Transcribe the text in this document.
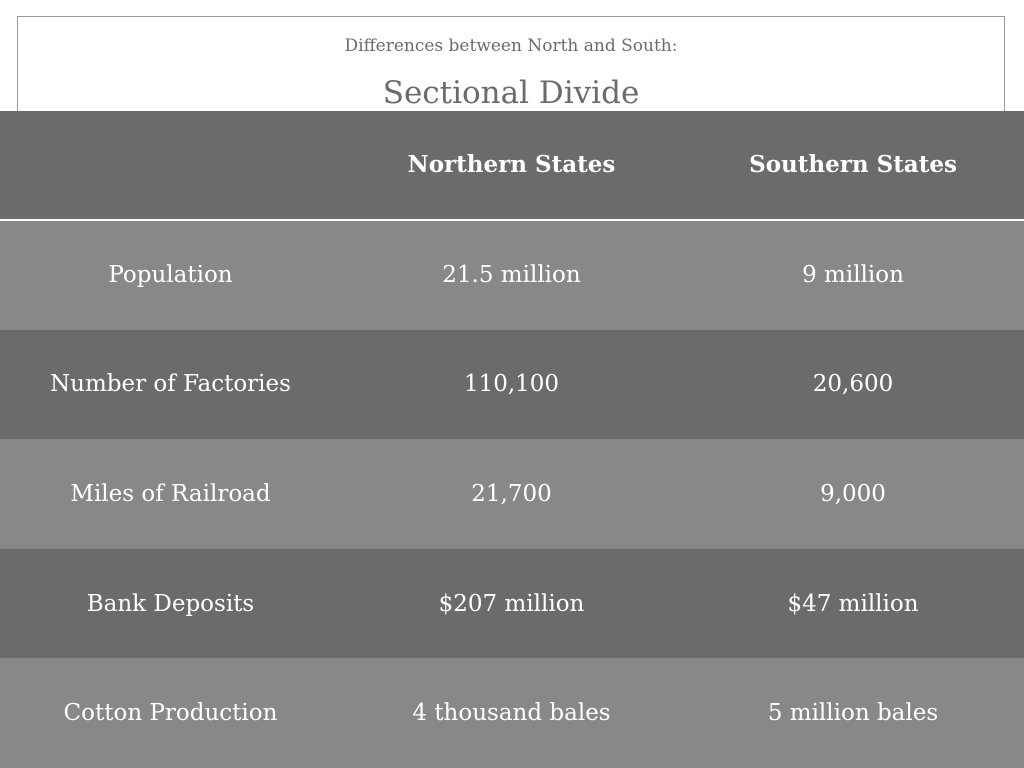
Differences between North and South:
Sectional Divide
	Northern States	Southern States
Population	21.5 million	9 million
Number of Factories	110,100	20,600
Miles of Railroad	21,700	9,000
Bank Deposits	$207 million	$47 million
Cotton Production	4 thousand bales	5 million bales
